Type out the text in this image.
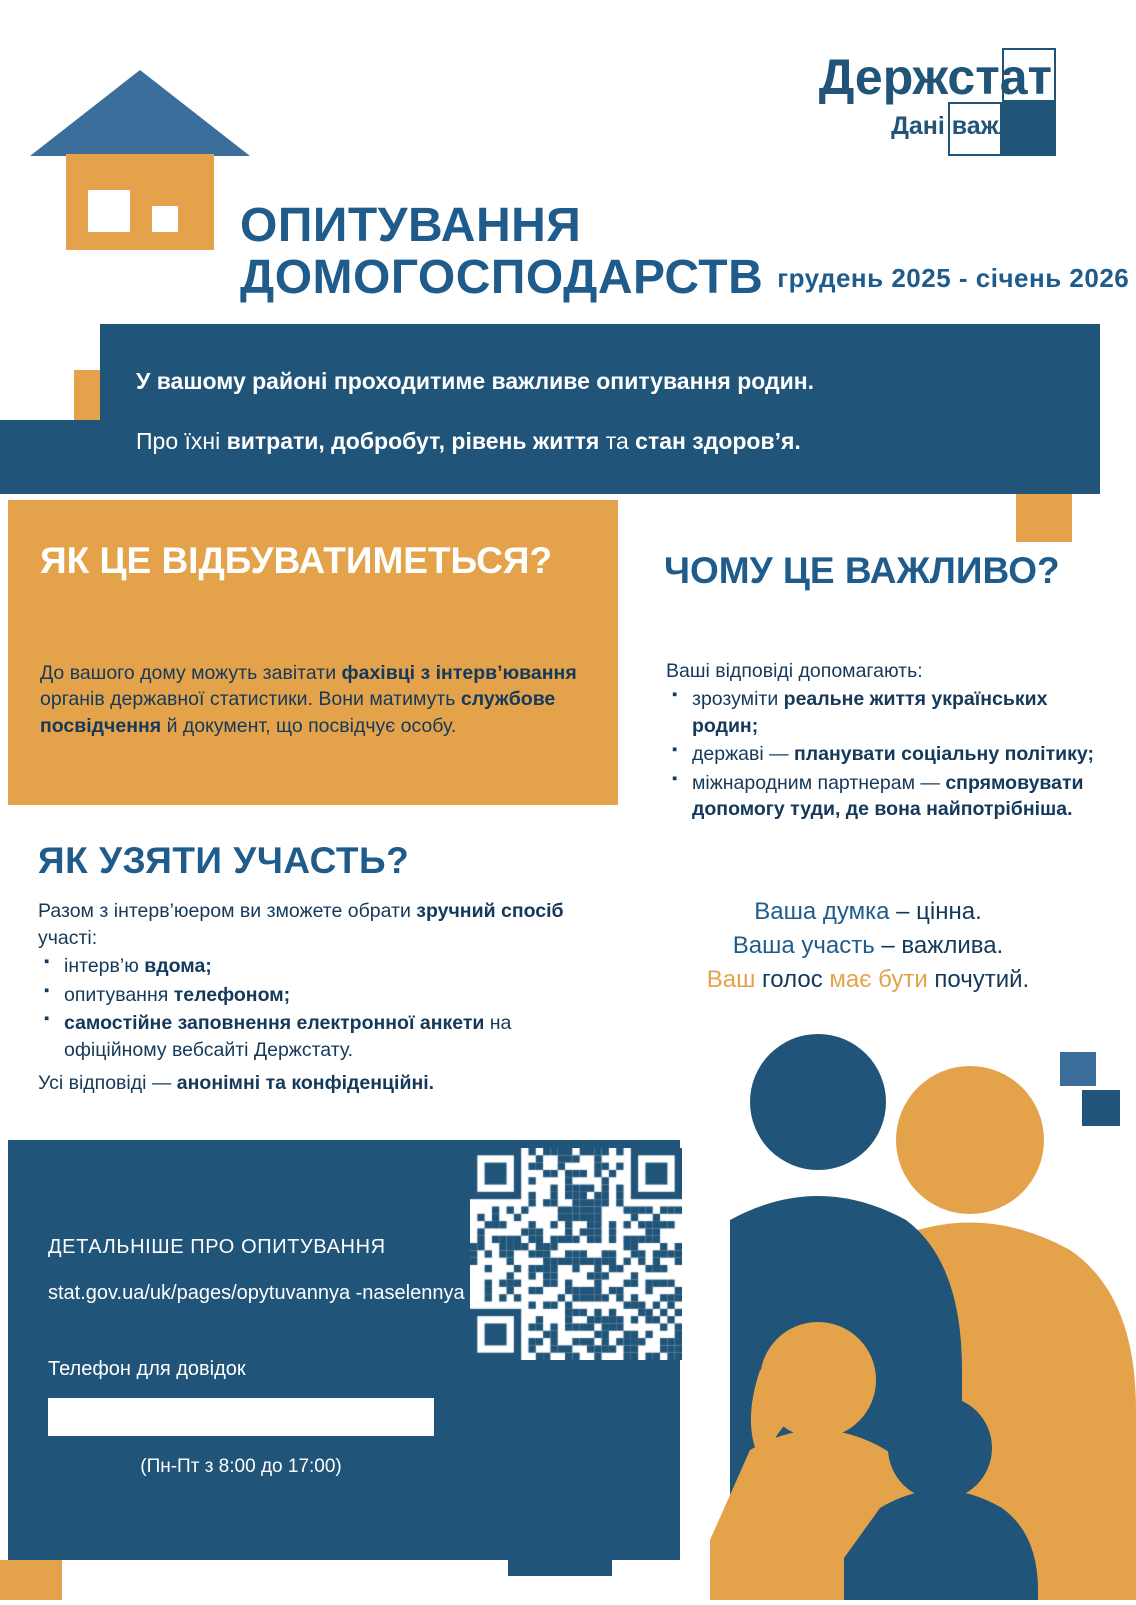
Держстат
Дані важливі
ОПИТУВАННЯ
ДОМОГОСПОДАРСТВ грудень 2025 - січень 2026
У вашому районі проходитиме важливе опитування родин.
Про їхні витрати, добробут, рівень життя та стан здоров’я.
ЯК ЦЕ ВІДБУВАТИМЕТЬСЯ?
До вашого дому можуть завітати фахівці з інтерв’ювання органів державної статистики. Вони матимуть службове посвідчення й документ, що посвідчує особу.
ЯК УЗЯТИ УЧАСТЬ?
Разом з інтерв’юером ви зможете обрати зручний спосіб участі:
▪ інтерв’ю вдома;
▪ опитування телефоном;
▪ самостійне заповнення електронної анкети на офіційному вебсайті Держстату.
Усі відповіді — анонімні та конфіденційні.
ЧОМУ ЦЕ ВАЖЛИВО?
Ваші відповіді допомагають:
▪ зрозуміти реальне життя українських родин;
▪ державі — планувати соціальну політику;
▪ міжнародним партнерам — спрямовувати допомогу туди, де вона найпотрібніша.
Ваша думка – цінна.
Ваша участь – важлива.
Ваш голос має бути почутий.
ДЕТАЛЬНІШЕ ПРО ОПИТУВАННЯ
stat.gov.ua/uk/pages/opytuvannya -naselennya
Телефон для довідок
(Пн-Пт з 8:00 до 17:00)
